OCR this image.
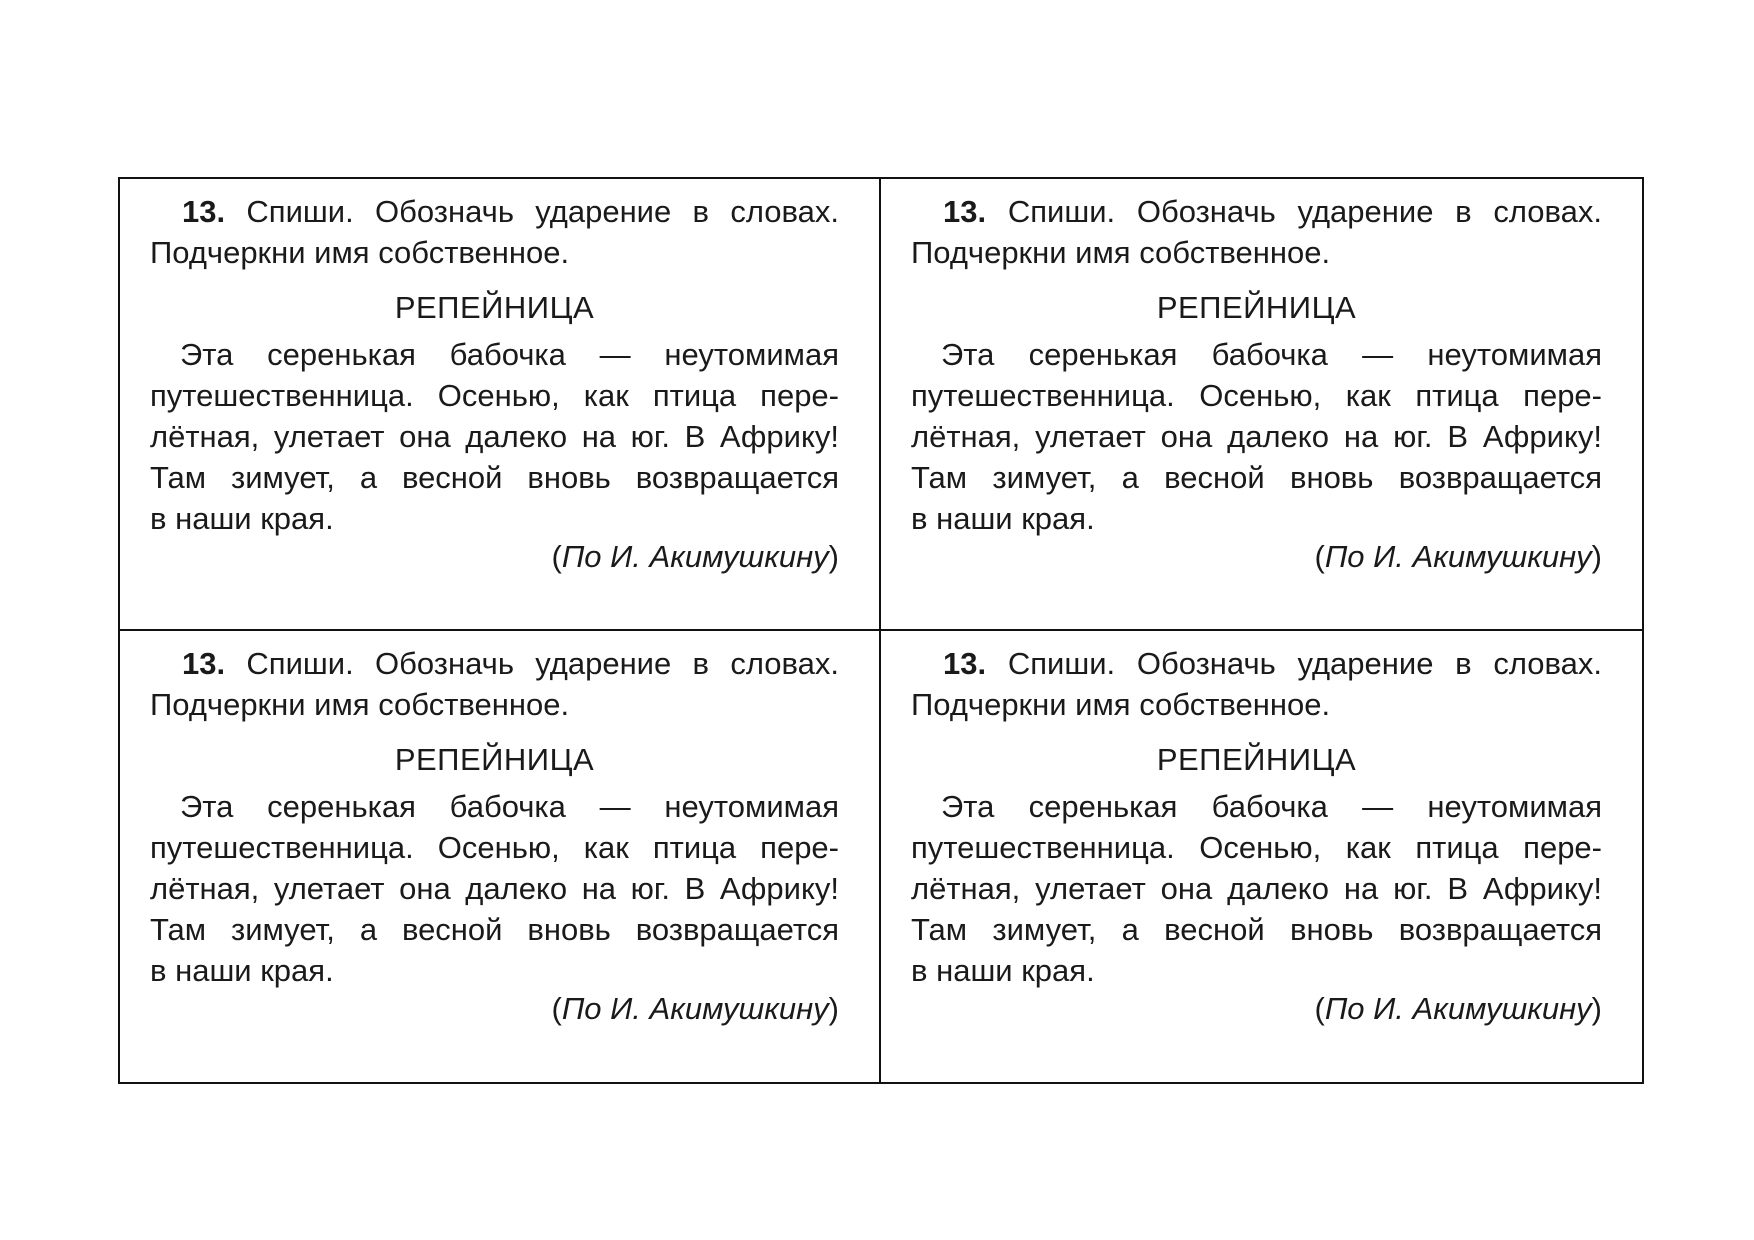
13. Спиши. Обозначь ударение в словах. Подчеркни имя собственное.
РЕПЕЙНИЦА
Эта серенькая бабочка — неутомимая
путешественница. Осенью, как птица пере-
лётная, улетает она далеко на юг. В Африку!
Там зимует, а весной вновь возвращается
в наши края.
(По И. Акимушкину)
13. Спиши. Обозначь ударение в словах. Подчеркни имя собственное.
РЕПЕЙНИЦА
Эта серенькая бабочка — неутомимая
путешественница. Осенью, как птица пере-
лётная, улетает она далеко на юг. В Африку!
Там зимует, а весной вновь возвращается
в наши края.
(По И. Акимушкину)
13. Спиши. Обозначь ударение в словах. Подчеркни имя собственное.
РЕПЕЙНИЦА
Эта серенькая бабочка — неутомимая
путешественница. Осенью, как птица пере-
лётная, улетает она далеко на юг. В Африку!
Там зимует, а весной вновь возвращается
в наши края.
(По И. Акимушкину)
13. Спиши. Обозначь ударение в словах. Подчеркни имя собственное.
РЕПЕЙНИЦА
Эта серенькая бабочка — неутомимая
путешественница. Осенью, как птица пере-
лётная, улетает она далеко на юг. В Африку!
Там зимует, а весной вновь возвращается
в наши края.
(По И. Акимушкину)
